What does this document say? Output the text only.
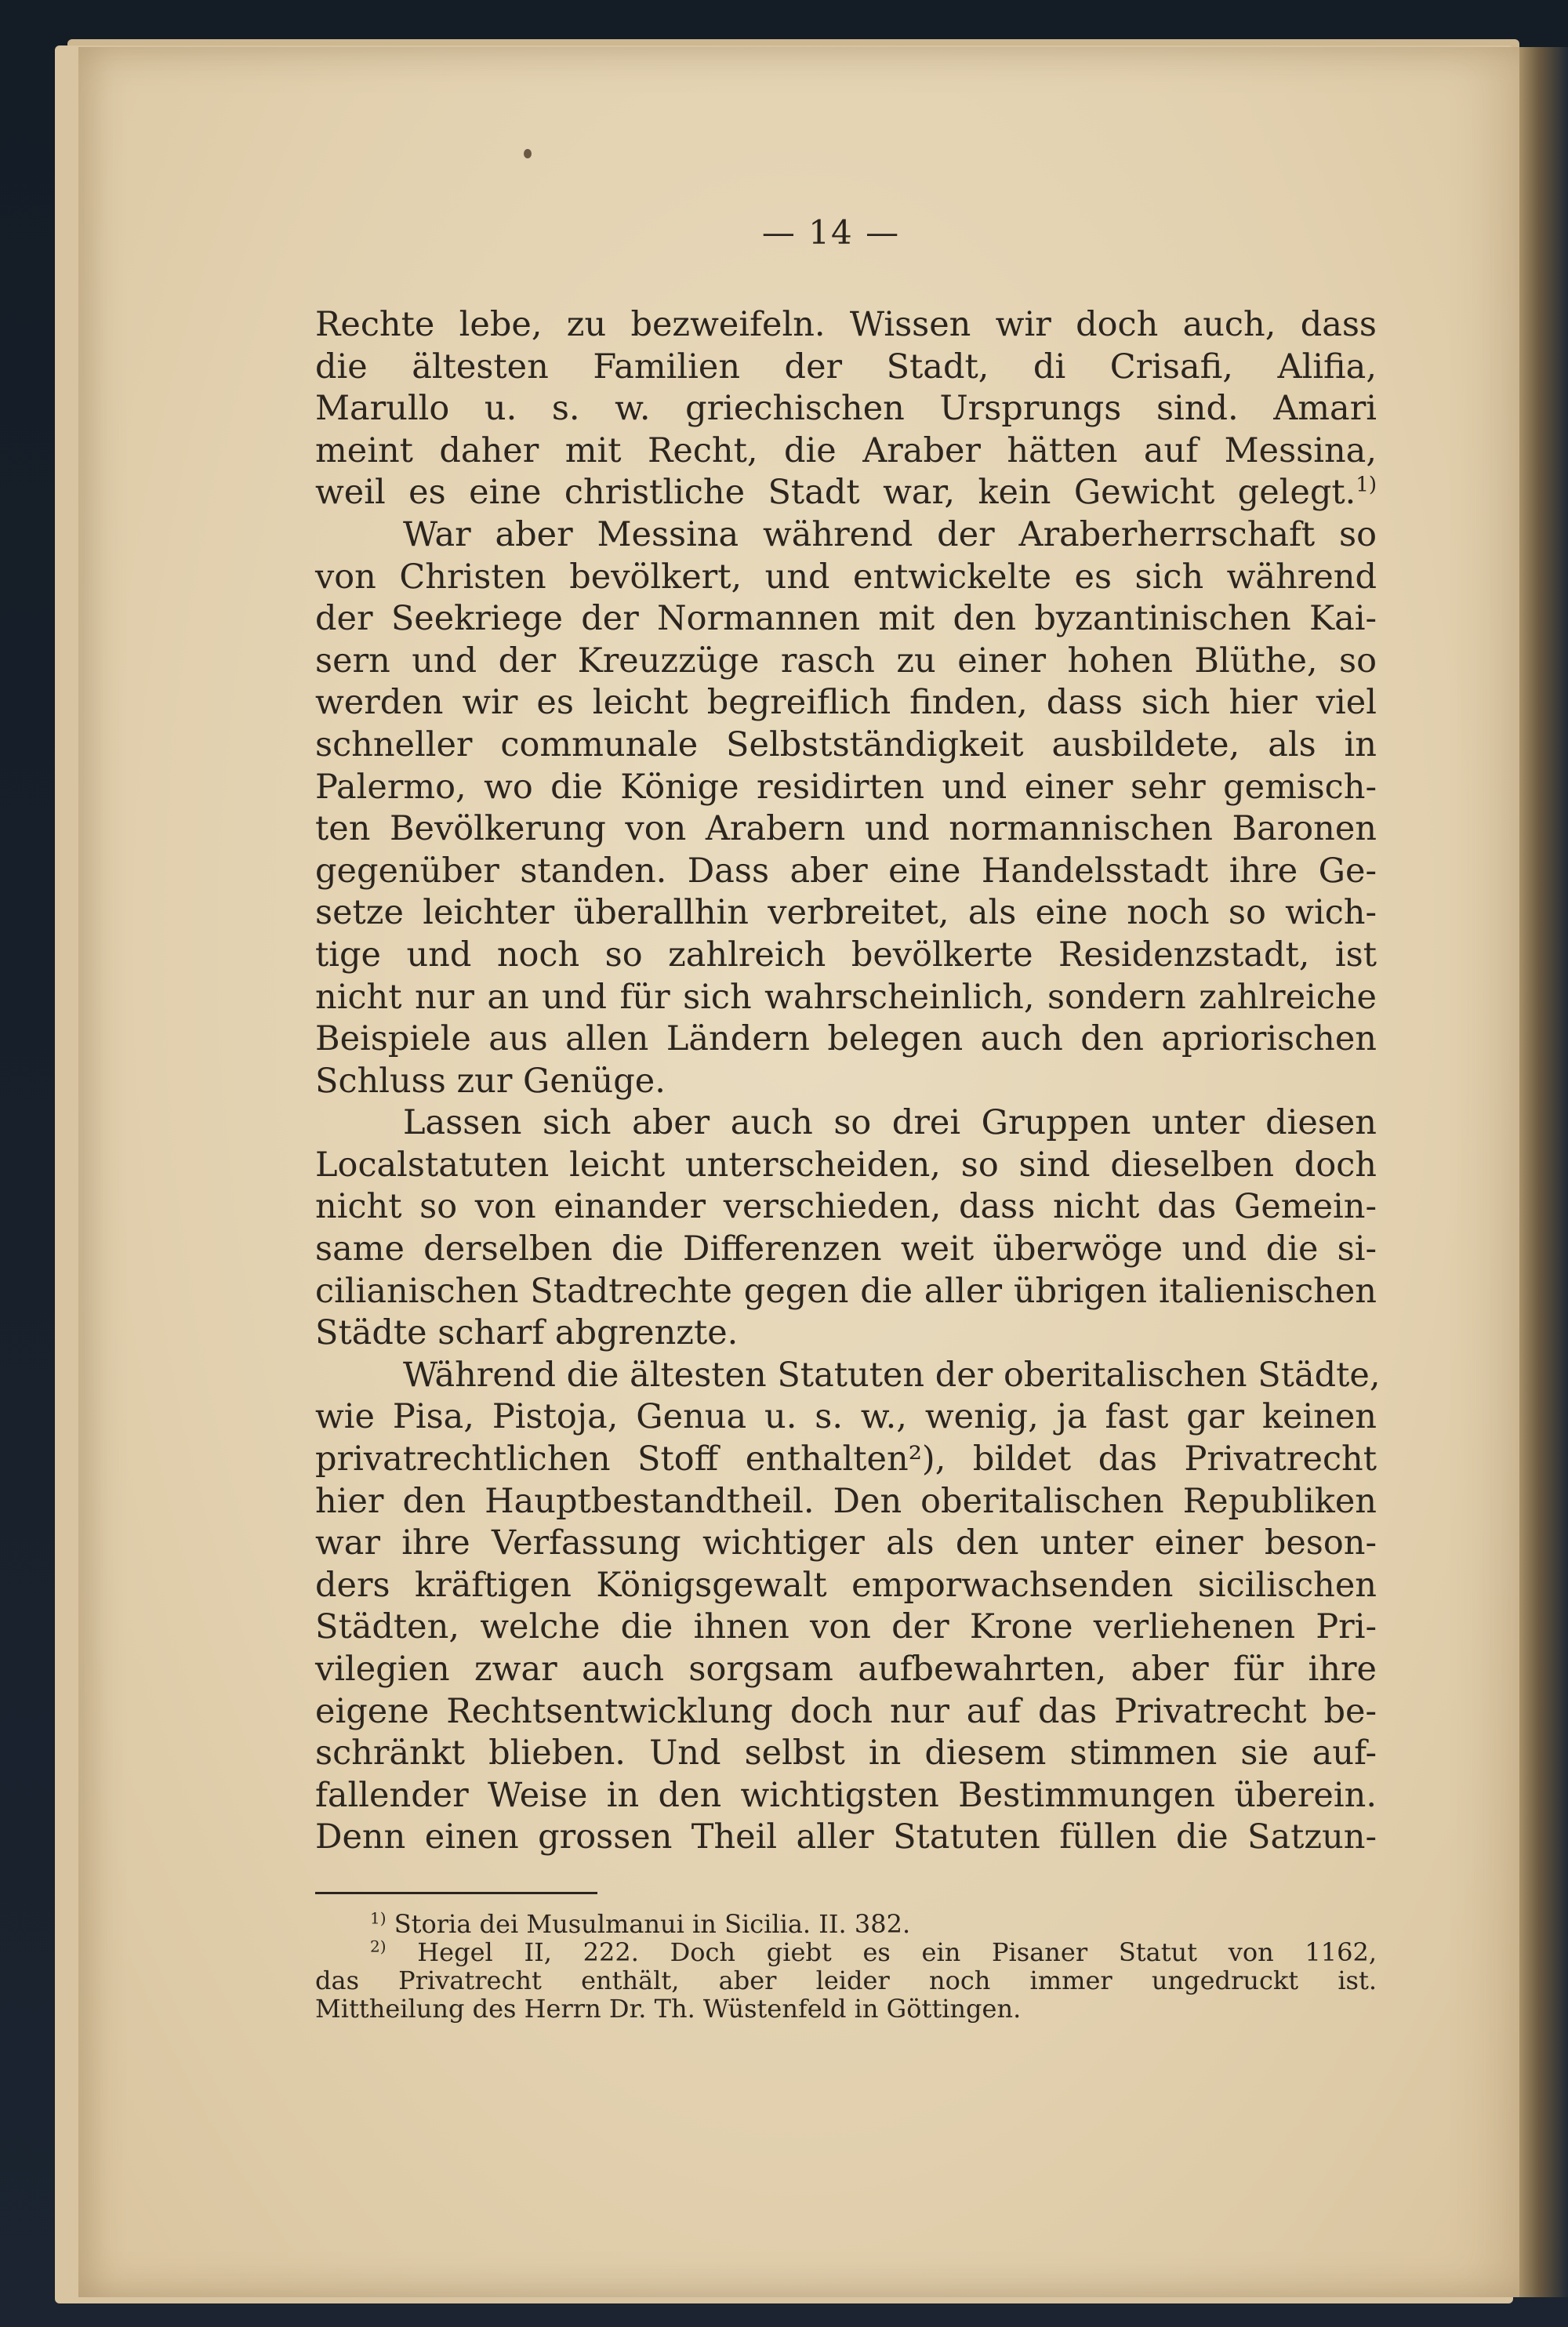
— 14 —
Rechte lebe, zu bezweifeln. Wissen wir doch auch, dass
die ältesten Familien der Stadt, di Crisafi, Alifia,
Marullo u. s. w. griechischen Ursprungs sind. Amari
meint daher mit Recht, die Araber hätten auf Messina,
weil es eine christliche Stadt war, kein Gewicht gelegt.$^{1)}$
War aber Messina während der Araberherrschaft so
von Christen bevölkert, und entwickelte es sich während
der Seekriege der Normannen mit den byzantinischen Kai-
sern und der Kreuzzüge rasch zu einer hohen Blüthe, so
werden wir es leicht begreiflich finden, dass sich hier viel
schneller communale Selbstständigkeit ausbildete, als in
Palermo, wo die Könige residirten und einer sehr gemisch-
ten Bevölkerung von Arabern und normannischen Baronen
gegenüber standen. Dass aber eine Handelsstadt ihre Ge-
setze leichter überallhin verbreitet, als eine noch so wich-
tige und noch so zahlreich bevölkerte Residenzstadt, ist
nicht nur an und für sich wahrscheinlich, sondern zahlreiche
Beispiele aus allen Ländern belegen auch den apriorischen
Schluss zur Genüge.
Lassen sich aber auch so drei Gruppen unter diesen
Localstatuten leicht unterscheiden, so sind dieselben doch
nicht so von einander verschieden, dass nicht das Gemein-
same derselben die Differenzen weit überwöge und die si-
cilianischen Stadtrechte gegen die aller übrigen italienischen
Städte scharf abgrenzte.
Während die ältesten Statuten der oberitalischen Städte,
wie Pisa, Pistoja, Genua u. s. w., wenig, ja fast gar keinen
privatrechtlichen Stoff enthalten²), bildet das Privatrecht
hier den Hauptbestandtheil. Den oberitalischen Republiken
war ihre Verfassung wichtiger als den unter einer beson-
ders kräftigen Königsgewalt emporwachsenden sicilischen
Städten, welche die ihnen von der Krone verliehenen Pri-
vilegien zwar auch sorgsam aufbewahrten, aber für ihre
eigene Rechtsentwicklung doch nur auf das Privatrecht be-
schränkt blieben. Und selbst in diesem stimmen sie auf-
fallender Weise in den wichtigsten Bestimmungen überein.
Denn einen grossen Theil aller Statuten füllen die Satzun-
$^{1)}$ Storia dei Musulmanui in Sicilia. II. 382.
$^{2)}$ Hegel II, 222. Doch giebt es ein Pisaner Statut von 1162,
das Privatrecht enthält, aber leider noch immer ungedruckt ist.
Mittheilung des Herrn Dr. Th. Wüstenfeld in Göttingen.
